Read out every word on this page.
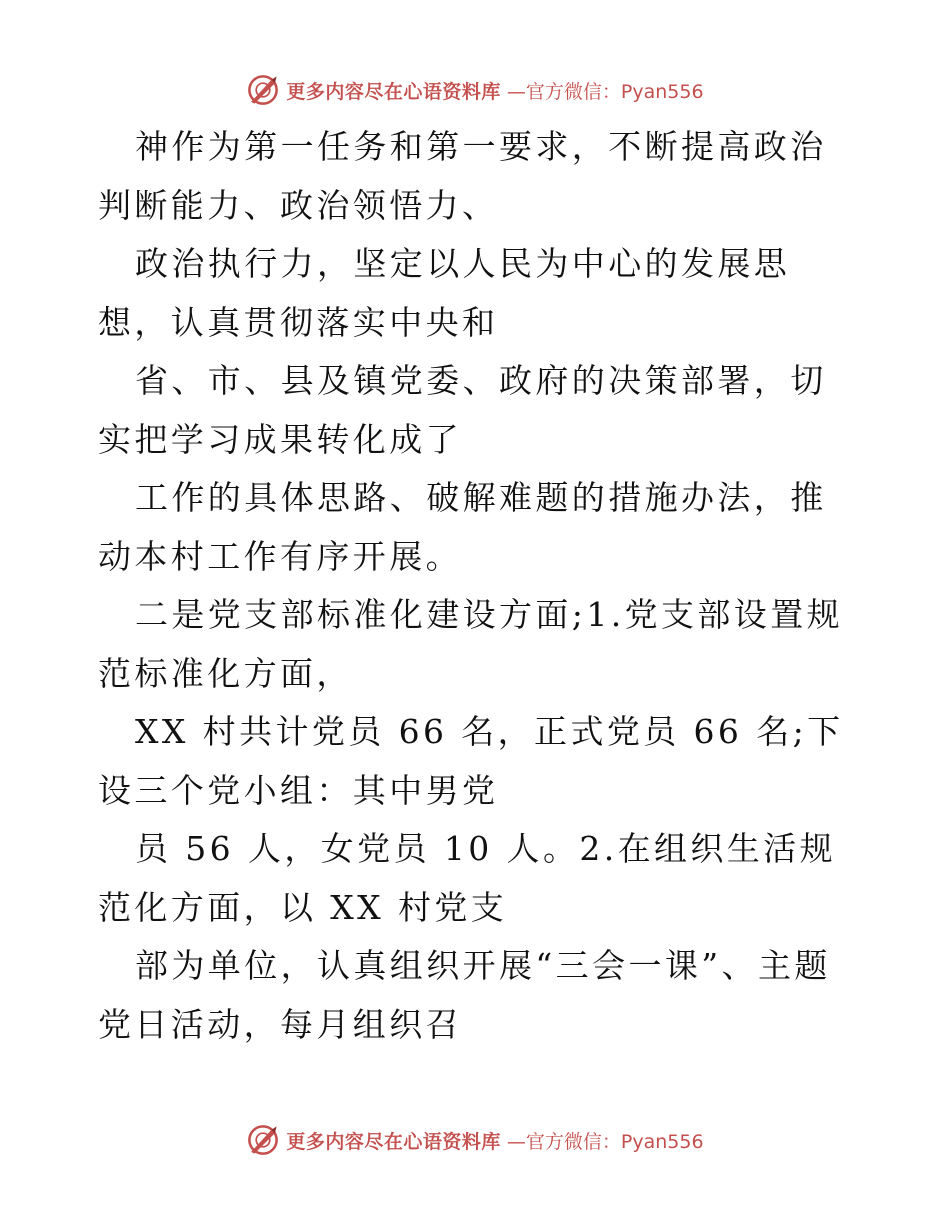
更多内容尽在心语资料库 —官方微信：Pyan556

神作为第一任务和第一要求，不断提高政治判断能力、政治领悟力、

政治执行力，坚定以人民为中心的发展思想，认真贯彻落实中央和

省、市、县及镇党委、政府的决策部署，切实把学习成果转化成了

工作的具体思路、破解难题的措施办法，推动本村工作有序开展。

二是党支部标准化建设方面;1.党支部设置规范标准化方面，

XX 村共计党员 66 名，正式党员 66 名;下设三个党小组：其中男党

员 56 人，女党员 10 人。2.在组织生活规范化方面，以 XX 村党支

部为单位，认真组织开展“三会一课”、主题党日活动，每月组织召

更多内容尽在心语资料库 —官方微信：Pyan556
